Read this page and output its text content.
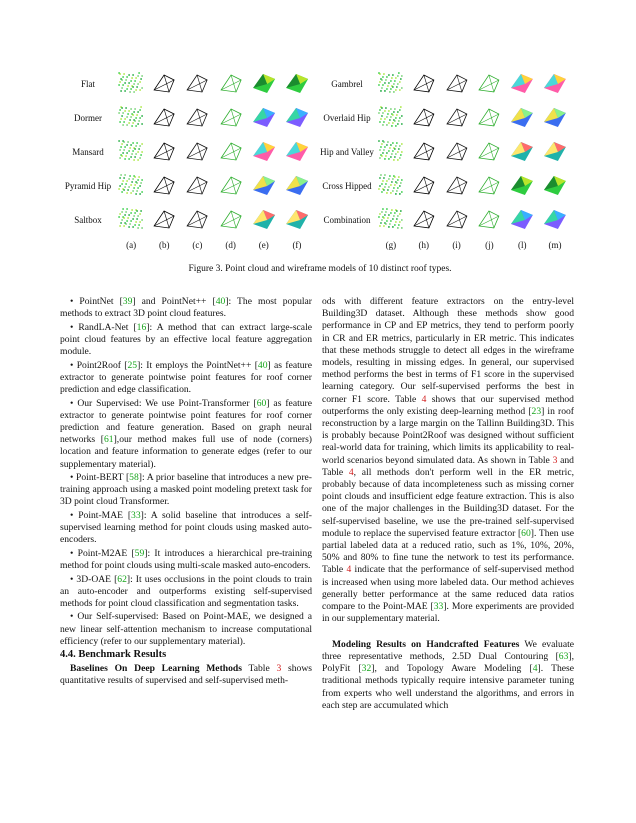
Flat
Dormer
Mansard
Pyramid Hip
Saltbox
(a)	(b)	(c)	(d)	(e)	(f)
Gambrel
Overlaid Hip
Hip and Valley
Cross Hipped
Combination
(g)	(h)	(i)	(j)	(l)	(m)
Figure 3. Point cloud and wireframe models of 10 distinct roof types.

• PointNet [39] and PointNet++ [40]: The most popular methods to extract 3D point cloud features.

• RandLA-Net [16]: A method that can extract large-scale point cloud features by an effective local feature aggregation module.

• Point2Roof [25]: It employs the PointNet++ [40] as feature extractor to generate pointwise point features for roof corner prediction and edge classification.

• Our Supervised: We use Point-Transformer [60] as feature extractor to generate pointwise point features for roof corner prediction and feature generation. Based on graph neural networks [61],our method makes full use of node (corners) location and feature information to generate edges (refer to our supplementary material).

• Point-BERT [58]: A prior baseline that introduces a new pre-training approach using a masked point modeling pretext task for 3D point cloud Transformer.

• Point-MAE [33]: A solid baseline that introduces a self-supervised learning method for point clouds using masked auto-encoders.

• Point-M2AE [59]: It introduces a hierarchical pre-training method for point clouds using multi-scale masked auto-encoders.

• 3D-OAE [62]: It uses occlusions in the point clouds to train an auto-encoder and outperforms existing self-supervised methods for point cloud classification and segmentation tasks.

• Our Self-supervised: Based on Point-MAE, we designed a new linear self-attention mechanism to increase computational efficiency (refer to our supplementary material).

4.4. Benchmark Results

Baselines On Deep Learning Methods Table 3 shows quantitative results of supervised and self-supervised meth-

ods with different feature extractors on the entry-level Building3D dataset. Although these methods show good performance in CP and EP metrics, they tend to perform poorly in CR and ER metrics, particularly in ER metric. This indicates that these methods struggle to detect all edges in the wireframe models, resulting in missing edges. In general, our supervised method performs the best in terms of F1 score in the supervised learning category. Our self-supervised performs the best in corner F1 score. Table 4 shows that our supervised method outperforms the only existing deep-learning method [23] in roof reconstruction by a large margin on the Tallinn Building3D. This is probably because Point2Roof was designed without sufficient real-world data for training, which limits its applicability to real-world scenarios beyond simulated data. As shown in Table 3 and Table 4, all methods don't perform well in the ER metric, probably because of data incompleteness such as missing corner point clouds and insufficient edge feature extraction. This is also one of the major challenges in the Building3D dataset. For the self-supervised baseline, we use the pre-trained self-supervised module to replace the supervised feature extractor [60]. Then use partial labeled data at a reduced ratio, such as 1%, 10%, 20%, 50% and 80% to fine tune the network to test its performance. Table 4 indicate that the performance of self-supervised method is increased when using more labeled data. Our method achieves generally better performance at the same reduced data ratios compare to the Point-MAE [33]. More experiments are provided in our supplementary material.

Modeling Results on Handcrafted Features We evaluate three representative methods, 2.5D Dual Contouring [63], PolyFit [32], and Topology Aware Modeling [4]. These traditional methods typically require intensive parameter tuning from experts who well understand the algorithms, and errors in each step are accumulated which
